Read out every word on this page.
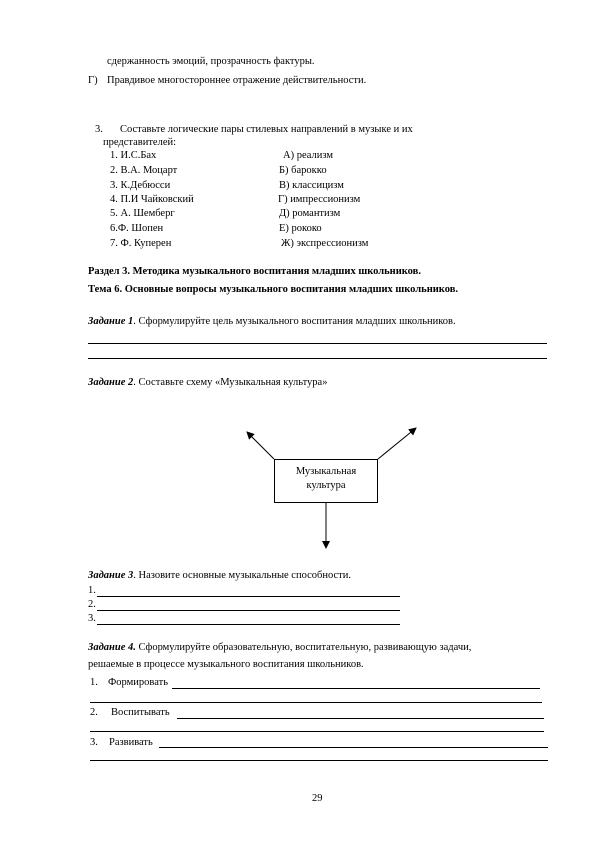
сдержанность эмоций, прозрачность фактуры.
Г) Правдивое многостороннее отражение действительности.
3. Составьте логические пары стилевых направлений в музыке и их
представителей:
1. И.С.Бах
2. В.А. Моцарт
3. К.Дебюсси
4. П.И Чайковский
5. А. Шемберг
6.Ф. Шопен
7. Ф. Куперен
А) реализм
Б) барокко
В) классицизм
Г) импрессионизм
Д) романтизм
Е) рококо
Ж) экспрессионизм
Раздел 3. Методика музыкального воспитания младших школьников.
Тема 6. Основные вопросы музыкального воспитания младших школьников.
Задание 1. Сформулируйте цель музыкального воспитания младших школьников.
Задание 2. Составьте схему «Музыкальная культура»
Музыкальная
культура
Задание 3. Назовите основные музыкальные способности.
1.
2.
3.
Задание 4. Сформулируйте образовательную, воспитательную, развивающую задачи,
решаемые в процессе музыкального воспитания школьников.
1. Формировать
2. Воспитывать
3. Развивать
29
